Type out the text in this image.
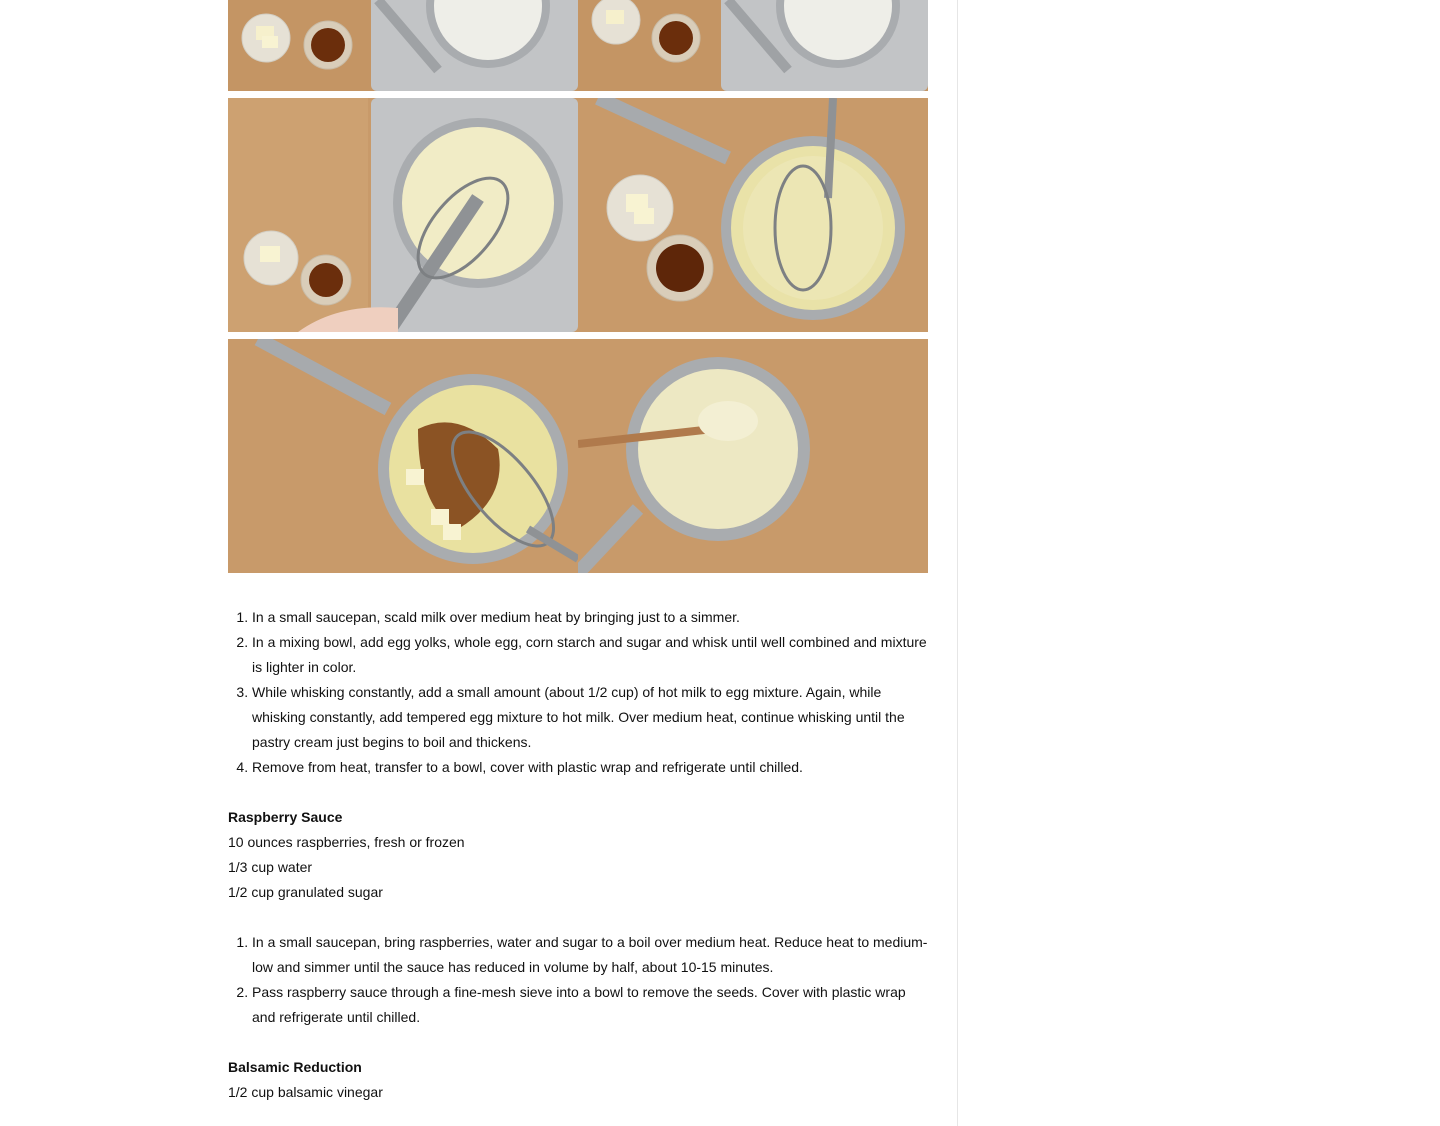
1. In a small saucepan, scald milk over medium heat by bringing just to a simmer.
2. In a mixing bowl, add egg yolks, whole egg, corn starch and sugar and whisk until well combined and mixture is lighter in color.
3. While whisking constantly, add a small amount (about 1/2 cup) of hot milk to egg mixture. Again, while whisking constantly, add tempered egg mixture to hot milk. Over medium heat, continue whisking until the pastry cream just begins to boil and thickens.
4. Remove from heat, transfer to a bowl, cover with plastic wrap and refrigerate until chilled.
Raspberry Sauce
10 ounces raspberries, fresh or frozen
1/3 cup water
1/2 cup granulated sugar
1. In a small saucepan, bring raspberries, water and sugar to a boil over medium heat. Reduce heat to medium-low and simmer until the sauce has reduced in volume by half, about 10-15 minutes.
2. Pass raspberry sauce through a fine-mesh sieve into a bowl to remove the seeds. Cover with plastic wrap and refrigerate until chilled.
Balsamic Reduction
1/2 cup balsamic vinegar
